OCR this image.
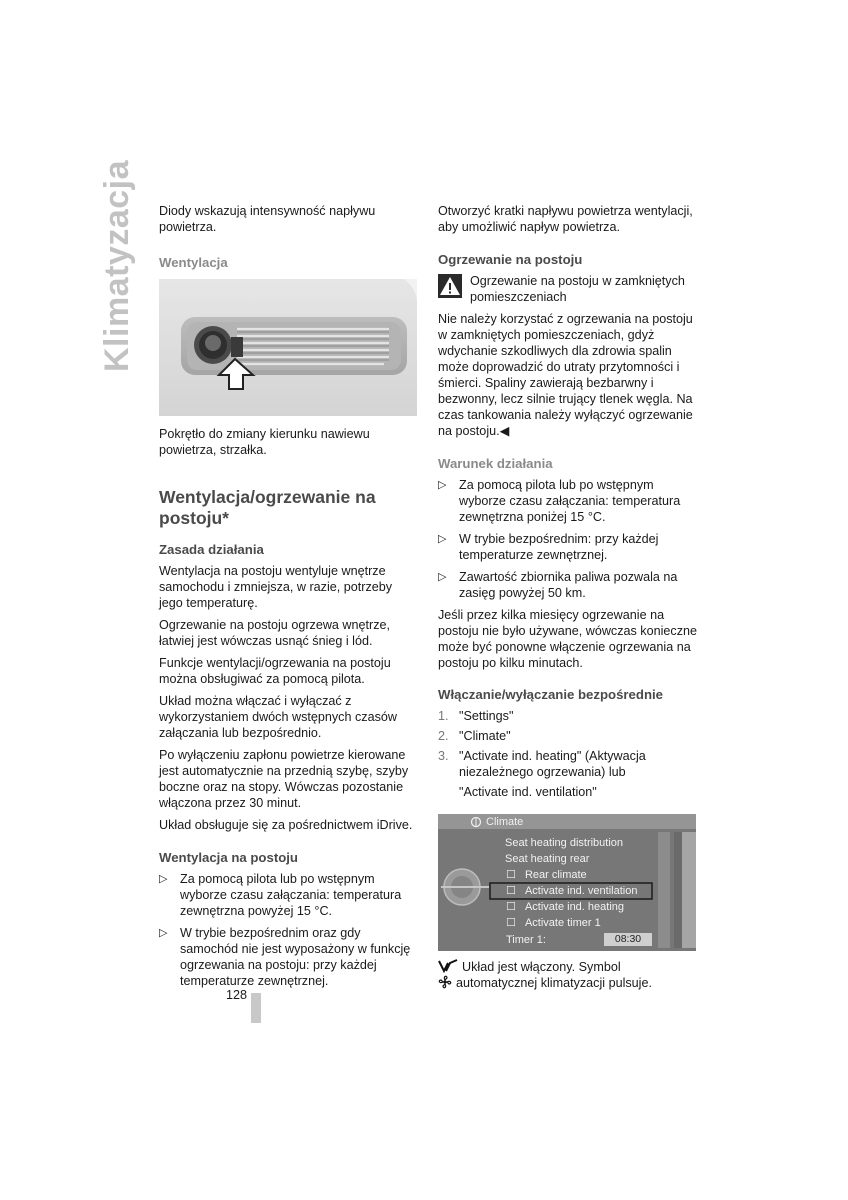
Klimatyzacja Diody wskazują intensywność napływu powietrza.

Wentylacja

Pokrętło do zmiany kierunku nawiewu powietrza, strzałka.

Wentylacja/ogrzewanie na postoju*
Zasada działania

Wentylacja na postoju wentyluje wnętrze samochodu i zmniejsza, w razie, potrzeby jego temperaturę.

Ogrzewanie na postoju ogrzewa wnętrze, łatwiej jest wówczas usnąć śnieg i lód.

Funkcje wentylacji/ogrzewania na postoju można obsługiwać za pomocą pilota.

Układ można włączać i wyłączać z wykorzystaniem dwóch wstępnych czasów załączania lub bezpośrednio.

Po wyłączeniu zapłonu powietrze kierowane jest automatycznie na przednią szybę, szyby boczne oraz na stopy. Wówczas pozostanie włączona przez 30 minut.

Układ obsługuje się za pośrednictwem iDrive.

Wentylacja na postoju
▷ Za pomocą pilota lub po wstępnym wyborze czasu załączania: temperatura zewnętrzna powyżej 15 °C.
▷ W trybie bezpośrednim oraz gdy samochód nie jest wyposażony w funkcję ogrzewania na postoju: przy każdej temperaturze zewnętrznej.

Otworzyć kratki napływu powietrza wentylacji, aby umożliwić napływ powietrza.

Ogrzewanie na postoju
Ogrzewanie na postoju w zamkniętych pomieszczeniach

Nie należy korzystać z ogrzewania na postoju w zamkniętych pomieszczeniach, gdyż wdychanie szkodliwych dla zdrowia spalin może doprowadzić do utraty przytomności i śmierci. Spaliny zawierają bezbarwny i bezwonny, lecz silnie trujący tlenek węgla. Na czas tankowania należy wyłączyć ogrzewanie na postoju.◀

Warunek działania
▷ Za pomocą pilota lub po wstępnym wyborze czasu załączania: temperatura zewnętrzna poniżej 15 °C.
▷ W trybie bezpośrednim: przy każdej temperaturze zewnętrznej.
▷ Zawartość zbiornika paliwa pozwala na zasięg powyżej 50 km.

Jeśli przez kilka miesięcy ogrzewanie na postoju nie było używane, wówczas konieczne może być ponowne włączenie ogrzewania na postoju po kilku minutach.

Włączanie/wyłączanie bezpośrednie
1. "Settings"
2. "Climate"
3. "Activate ind. heating" (Aktywacja niezależnego ogrzewania) lub
"Activate ind. ventilation"
Climate
Seat heating distribution
Seat heating rear
☐ Rear climate
☐ Activate ind. ventilation
☐ Activate ind. heating
☐ Activate timer 1
Timer 1:	08:30

Układ jest włączony. Symbol

automatycznej klimatyzacji pulsuje.

128
